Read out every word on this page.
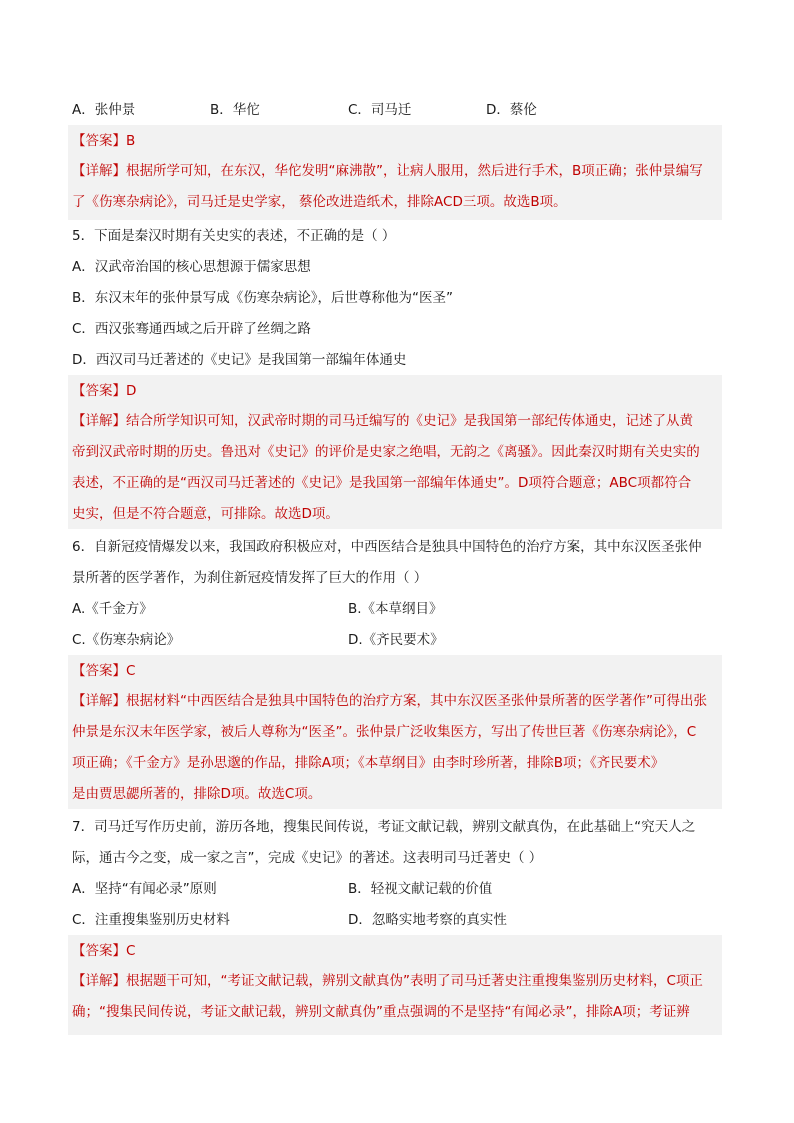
A．张仲景	B．华佗	C．司马迁	D．蔡伦
【答案】B
【详解】根据所学可知，在东汉，华佗发明“麻沸散”，让病人服用，然后进行手术，B项正确；张仲景编写
了《伤寒杂病论》，司马迁是史学家， 蔡伦改进造纸术，排除ACD三项。故选B项。
5．下面是秦汉时期有关史实的表述，不正确的是（ ）
A．汉武帝治国的核心思想源于儒家思想
B．东汉末年的张仲景写成《伤寒杂病论》，后世尊称他为“医圣”
C．西汉张骞通西域之后开辟了丝绸之路
D．西汉司马迁著述的《史记》是我国第一部编年体通史
【答案】D
【详解】结合所学知识可知，汉武帝时期的司马迁编写的《史记》是我国第一部纪传体通史，记述了从黄
帝到汉武帝时期的历史。鲁迅对《史记》的评价是史家之绝唱，无韵之《离骚》。因此秦汉时期有关史实的
表述，不正确的是“西汉司马迁著述的《史记》是我国第一部编年体通史”。D项符合题意；ABC项都符合
史实，但是不符合题意，可排除。故选D项。
6．自新冠疫情爆发以来，我国政府积极应对，中西医结合是独具中国特色的治疗方案，其中东汉医圣张仲
景所著的医学著作，为刹住新冠疫情发挥了巨大的作用（ ）
A.《千金方》	B.《本草纲目》
C.《伤寒杂病论》	D.《齐民要术》
【答案】C
【详解】根据材料“中西医结合是独具中国特色的治疗方案，其中东汉医圣张仲景所著的医学著作”可得出张
仲景是东汉末年医学家，被后人尊称为“医圣”。张仲景广泛收集医方，写出了传世巨著《伤寒杂病论》，C
项正确；《千金方》是孙思邈的作品，排除A项；《本草纲目》由李时珍所著，排除B项；《齐民要术》
是由贾思勰所著的，排除D项。故选C项。
7．司马迁写作历史前，游历各地，搜集民间传说，考证文献记载，辨别文献真伪，在此基础上“究天人之
际，通古今之变，成一家之言”，完成《史记》的著述。这表明司马迁著史（ ）
A．坚持“有闻必录”原则	B．轻视文献记载的价值
C．注重搜集鉴别历史材料	D．忽略实地考察的真实性
【答案】C
【详解】根据题干可知，“考证文献记载，辨别文献真伪”表明了司马迁著史注重搜集鉴别历史材料，C项正
确；“搜集民间传说，考证文献记载，辨别文献真伪”重点强调的不是坚持“有闻必录”，排除A项；考证辨
